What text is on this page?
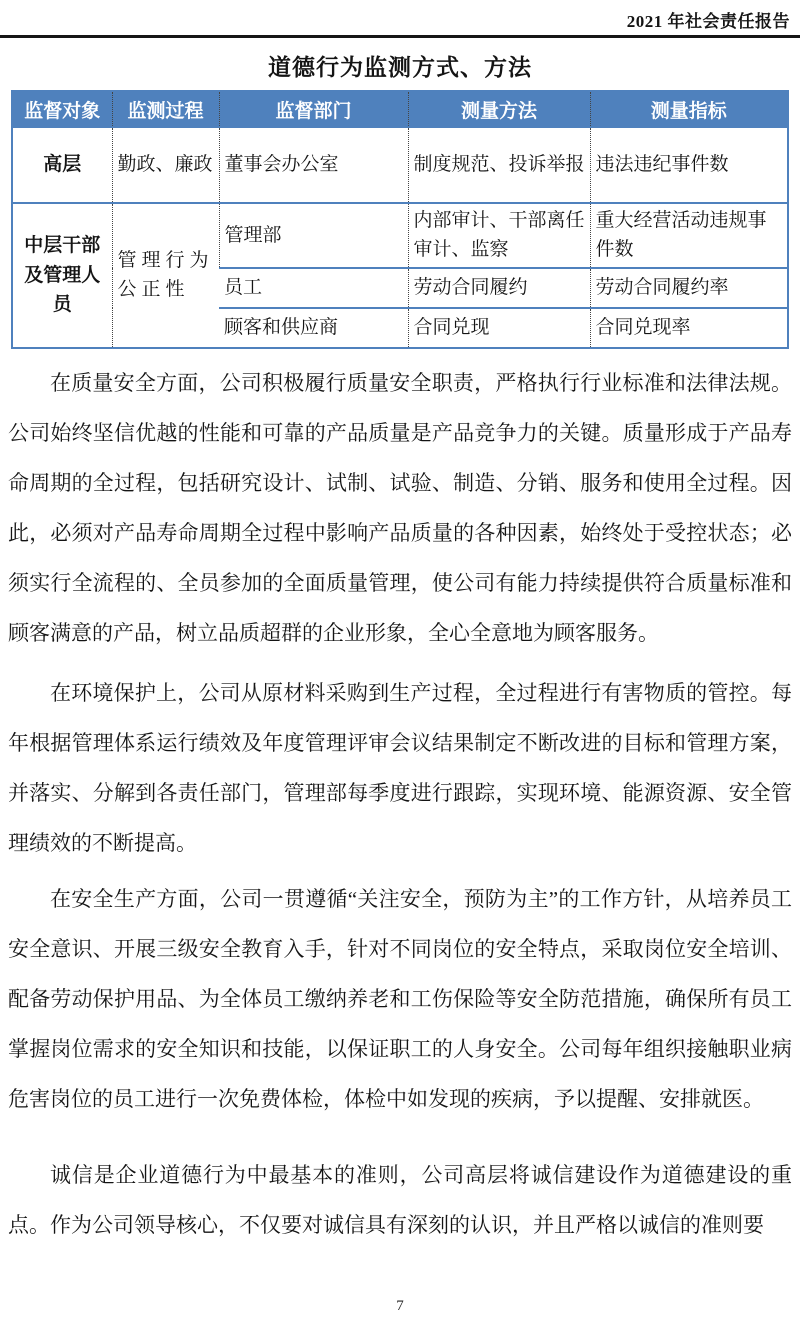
2021 年社会责任报告
道德行为监测方式、方法
监督对象	监测过程	监督部门	测量方法	测量指标
高层	勤政、廉政	董事会办公室	制度规范、投诉举报	违法违纪事件数
中层干部及管理人员	管理行为公正性	管理部	内部审计、干部离任审计、监察	重大经营活动违规事件数
		员工	劳动合同履约	劳动合同履约率
		顾客和供应商	合同兑现	合同兑现率

在质量安全方面，公司积极履行质量安全职责，严格执行行业标准和法律法规。公司始终坚信优越的性能和可靠的产品质量是产品竞争力的关键。质量形成于产品寿命周期的全过程，包括研究设计、试制、试验、制造、分销、服务和使用全过程。因此，必须对产品寿命周期全过程中影响产品质量的各种因素，始终处于受控状态；必须实行全流程的、全员参加的全面质量管理，使公司有能力持续提供符合质量标准和顾客满意的产品，树立品质超群的企业形象，全心全意地为顾客服务。

在环境保护上，公司从原材料采购到生产过程，全过程进行有害物质的管控。每年根据管理体系运行绩效及年度管理评审会议结果制定不断改进的目标和管理方案，并落实、分解到各责任部门，管理部每季度进行跟踪，实现环境、能源资源、安全管理绩效的不断提高。

在安全生产方面，公司一贯遵循“关注安全，预防为主”的工作方针，从培养员工安全意识、开展三级安全教育入手，针对不同岗位的安全特点，采取岗位安全培训、配备劳动保护用品、为全体员工缴纳养老和工伤保险等安全防范措施，确保所有员工掌握岗位需求的安全知识和技能，以保证职工的人身安全。公司每年组织接触职业病危害岗位的员工进行一次免费体检，体检中如发现的疾病，予以提醒、安排就医。

诚信是企业道德行为中最基本的准则，公司高层将诚信建设作为道德建设的重点。作为公司领导核心，不仅要对诚信具有深刻的认识，并且严格以诚信的准则要

7
